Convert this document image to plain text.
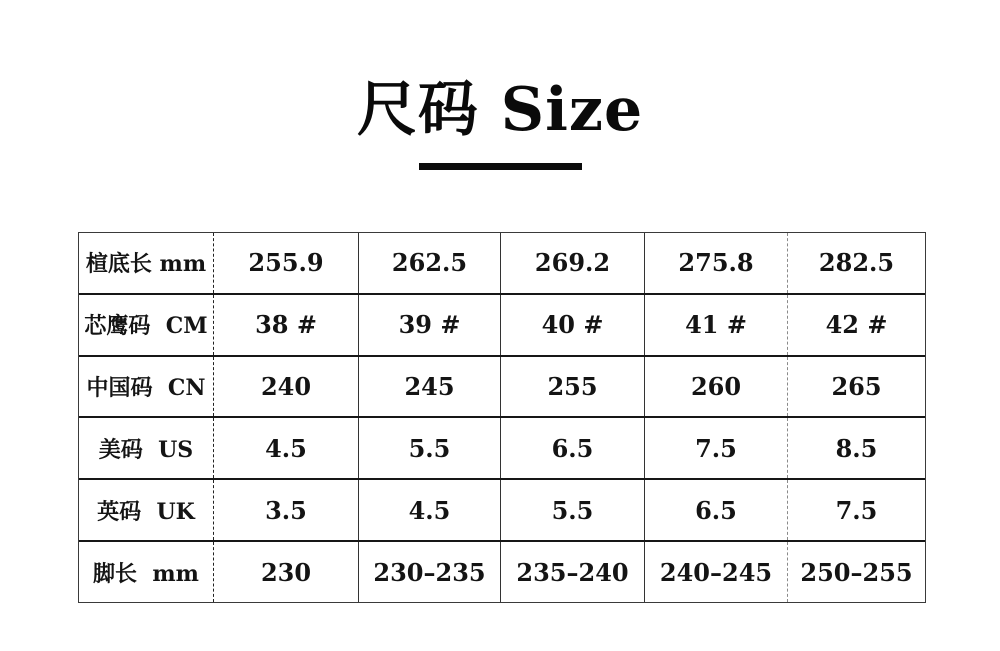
尺码 Size
楦底长 mm	255.9	262.5	269.2	275.8	282.5
芯鹰码  CM	38 #	39 #	40 #	41 #	42 #
中国码  CN	240	245	255	260	265
美码  US	4.5	5.5	6.5	7.5	8.5
英码  UK	3.5	4.5	5.5	6.5	7.5
脚长  mm	230	230–235	235–240	240–245	250–255
